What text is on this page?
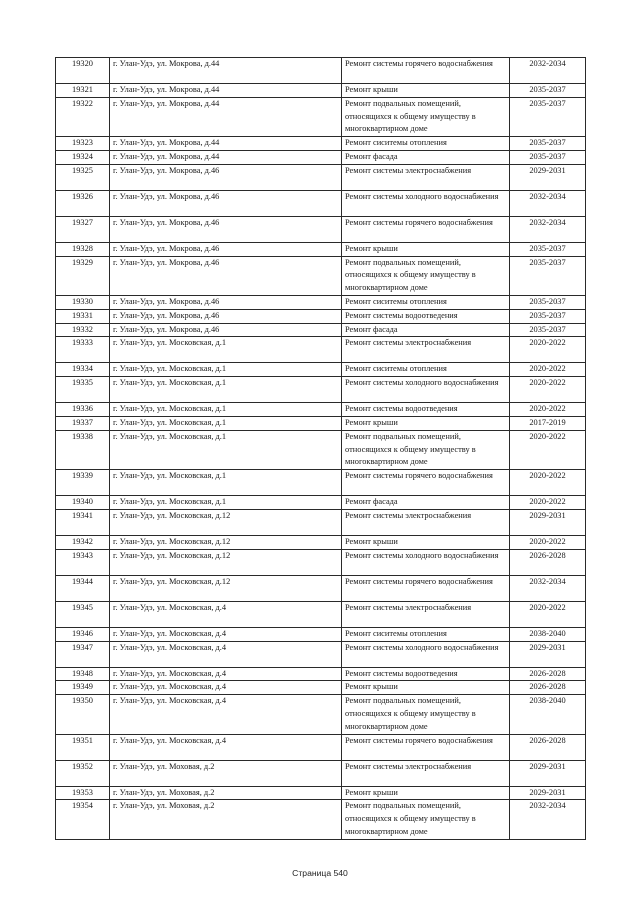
19320	г. Улан-Удэ, ул. Мокрова, д.44	Ремонт системы горячего водоснабжения	2032-2034
19321	г. Улан-Удэ, ул. Мокрова, д.44	Ремонт крыши	2035-2037
19322	г. Улан-Удэ, ул. Мокрова, д.44	Ремонт подвальных помещений, относящихся к общему имуществу в многоквартирном доме	2035-2037
19323	г. Улан-Удэ, ул. Мокрова, д.44	Ремонт сиситемы отопления	2035-2037
19324	г. Улан-Удэ, ул. Мокрова, д.44	Ремонт фасада	2035-2037
19325	г. Улан-Удэ, ул. Мокрова, д.46	Ремонт системы электроснабжения	2029-2031
19326	г. Улан-Удэ, ул. Мокрова, д.46	Ремонт системы холодного водоснабжения	2032-2034
19327	г. Улан-Удэ, ул. Мокрова, д.46	Ремонт системы горячего водоснабжения	2032-2034
19328	г. Улан-Удэ, ул. Мокрова, д.46	Ремонт крыши	2035-2037
19329	г. Улан-Удэ, ул. Мокрова, д.46	Ремонт подвальных помещений, относящихся к общему имуществу в многоквартирном доме	2035-2037
19330	г. Улан-Удэ, ул. Мокрова, д.46	Ремонт сиситемы отопления	2035-2037
19331	г. Улан-Удэ, ул. Мокрова, д.46	Ремонт системы водоотведения	2035-2037
19332	г. Улан-Удэ, ул. Мокрова, д.46	Ремонт фасада	2035-2037
19333	г. Улан-Удэ, ул. Московская, д.1	Ремонт системы электроснабжения	2020-2022
19334	г. Улан-Удэ, ул. Московская, д.1	Ремонт сиситемы отопления	2020-2022
19335	г. Улан-Удэ, ул. Московская, д.1	Ремонт системы холодного водоснабжения	2020-2022
19336	г. Улан-Удэ, ул. Московская, д.1	Ремонт системы водоотведения	2020-2022
19337	г. Улан-Удэ, ул. Московская, д.1	Ремонт крыши	2017-2019
19338	г. Улан-Удэ, ул. Московская, д.1	Ремонт подвальных помещений, относящихся к общему имуществу в многоквартирном доме	2020-2022
19339	г. Улан-Удэ, ул. Московская, д.1	Ремонт системы горячего водоснабжения	2020-2022
19340	г. Улан-Удэ, ул. Московская, д.1	Ремонт фасада	2020-2022
19341	г. Улан-Удэ, ул. Московская, д.12	Ремонт системы электроснабжения	2029-2031
19342	г. Улан-Удэ, ул. Московская, д.12	Ремонт крыши	2020-2022
19343	г. Улан-Удэ, ул. Московская, д.12	Ремонт системы холодного водоснабжения	2026-2028
19344	г. Улан-Удэ, ул. Московская, д.12	Ремонт системы горячего водоснабжения	2032-2034
19345	г. Улан-Удэ, ул. Московская, д.4	Ремонт системы электроснабжения	2020-2022
19346	г. Улан-Удэ, ул. Московская, д.4	Ремонт сиситемы отопления	2038-2040
19347	г. Улан-Удэ, ул. Московская, д.4	Ремонт системы холодного водоснабжения	2029-2031
19348	г. Улан-Удэ, ул. Московская, д.4	Ремонт системы водоотведения	2026-2028
19349	г. Улан-Удэ, ул. Московская, д.4	Ремонт крыши	2026-2028
19350	г. Улан-Удэ, ул. Московская, д.4	Ремонт подвальных помещений, относящихся к общему имуществу в многоквартирном доме	2038-2040
19351	г. Улан-Удэ, ул. Московская, д.4	Ремонт системы горячего водоснабжения	2026-2028
19352	г. Улан-Удэ, ул. Моховая, д.2	Ремонт системы электроснабжения	2029-2031
19353	г. Улан-Удэ, ул. Моховая, д.2	Ремонт крыши	2029-2031
19354	г. Улан-Удэ, ул. Моховая, д.2	Ремонт подвальных помещений, относящихся к общему имуществу в многоквартирном доме	2032-2034
Страница 540
